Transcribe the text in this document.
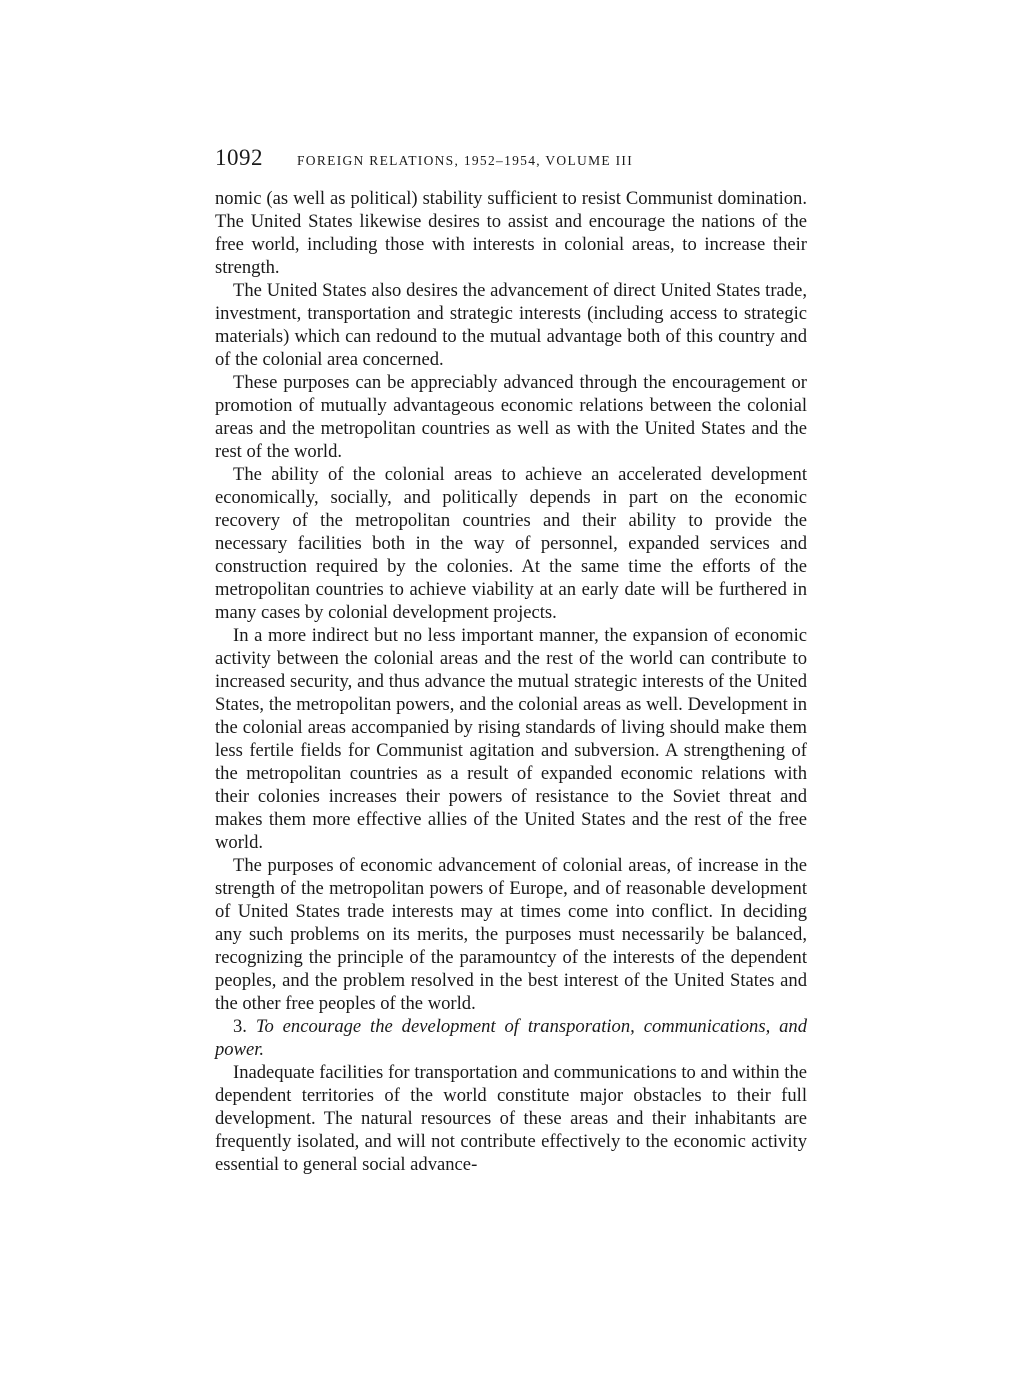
1092	FOREIGN RELATIONS, 1952–1954, VOLUME III

nomic (as well as political) stability sufficient to resist Communist domination. The United States likewise desires to assist and encourage the nations of the free world, including those with interests in colonial areas, to increase their strength.

The United States also desires the advancement of direct United States trade, investment, transportation and strategic interests (including access to strategic materials) which can redound to the mutual advantage both of this country and of the colonial area concerned.

These purposes can be appreciably advanced through the encouragement or promotion of mutually advantageous economic relations between the colonial areas and the metropolitan countries as well as with the United States and the rest of the world.

The ability of the colonial areas to achieve an accelerated development economically, socially, and politically depends in part on the economic recovery of the metropolitan countries and their ability to provide the necessary facilities both in the way of personnel, expanded services and construction required by the colonies. At the same time the efforts of the metropolitan countries to achieve viability at an early date will be furthered in many cases by colonial development projects.

In a more indirect but no less important manner, the expansion of economic activity between the colonial areas and the rest of the world can contribute to increased security, and thus advance the mutual strategic interests of the United States, the metropolitan powers, and the colonial areas as well. Development in the colonial areas accompanied by rising standards of living should make them less fertile fields for Communist agitation and subversion. A strengthening of the metropolitan countries as a result of expanded economic relations with their colonies increases their powers of resistance to the Soviet threat and makes them more effective allies of the United States and the rest of the free world.

The purposes of economic advancement of colonial areas, of increase in the strength of the metropolitan powers of Europe, and of reasonable development of United States trade interests may at times come into conflict. In deciding any such problems on its merits, the purposes must necessarily be balanced, recognizing the principle of the paramountcy of the interests of the dependent peoples, and the problem resolved in the best interest of the United States and the other free peoples of the world.

3. To encourage the development of transporation, communications, and power.

Inadequate facilities for transportation and communications to and within the dependent territories of the world constitute major obstacles to their full development. The natural resources of these areas and their inhabitants are frequently isolated, and will not contribute effectively to the economic activity essential to general social advance-
